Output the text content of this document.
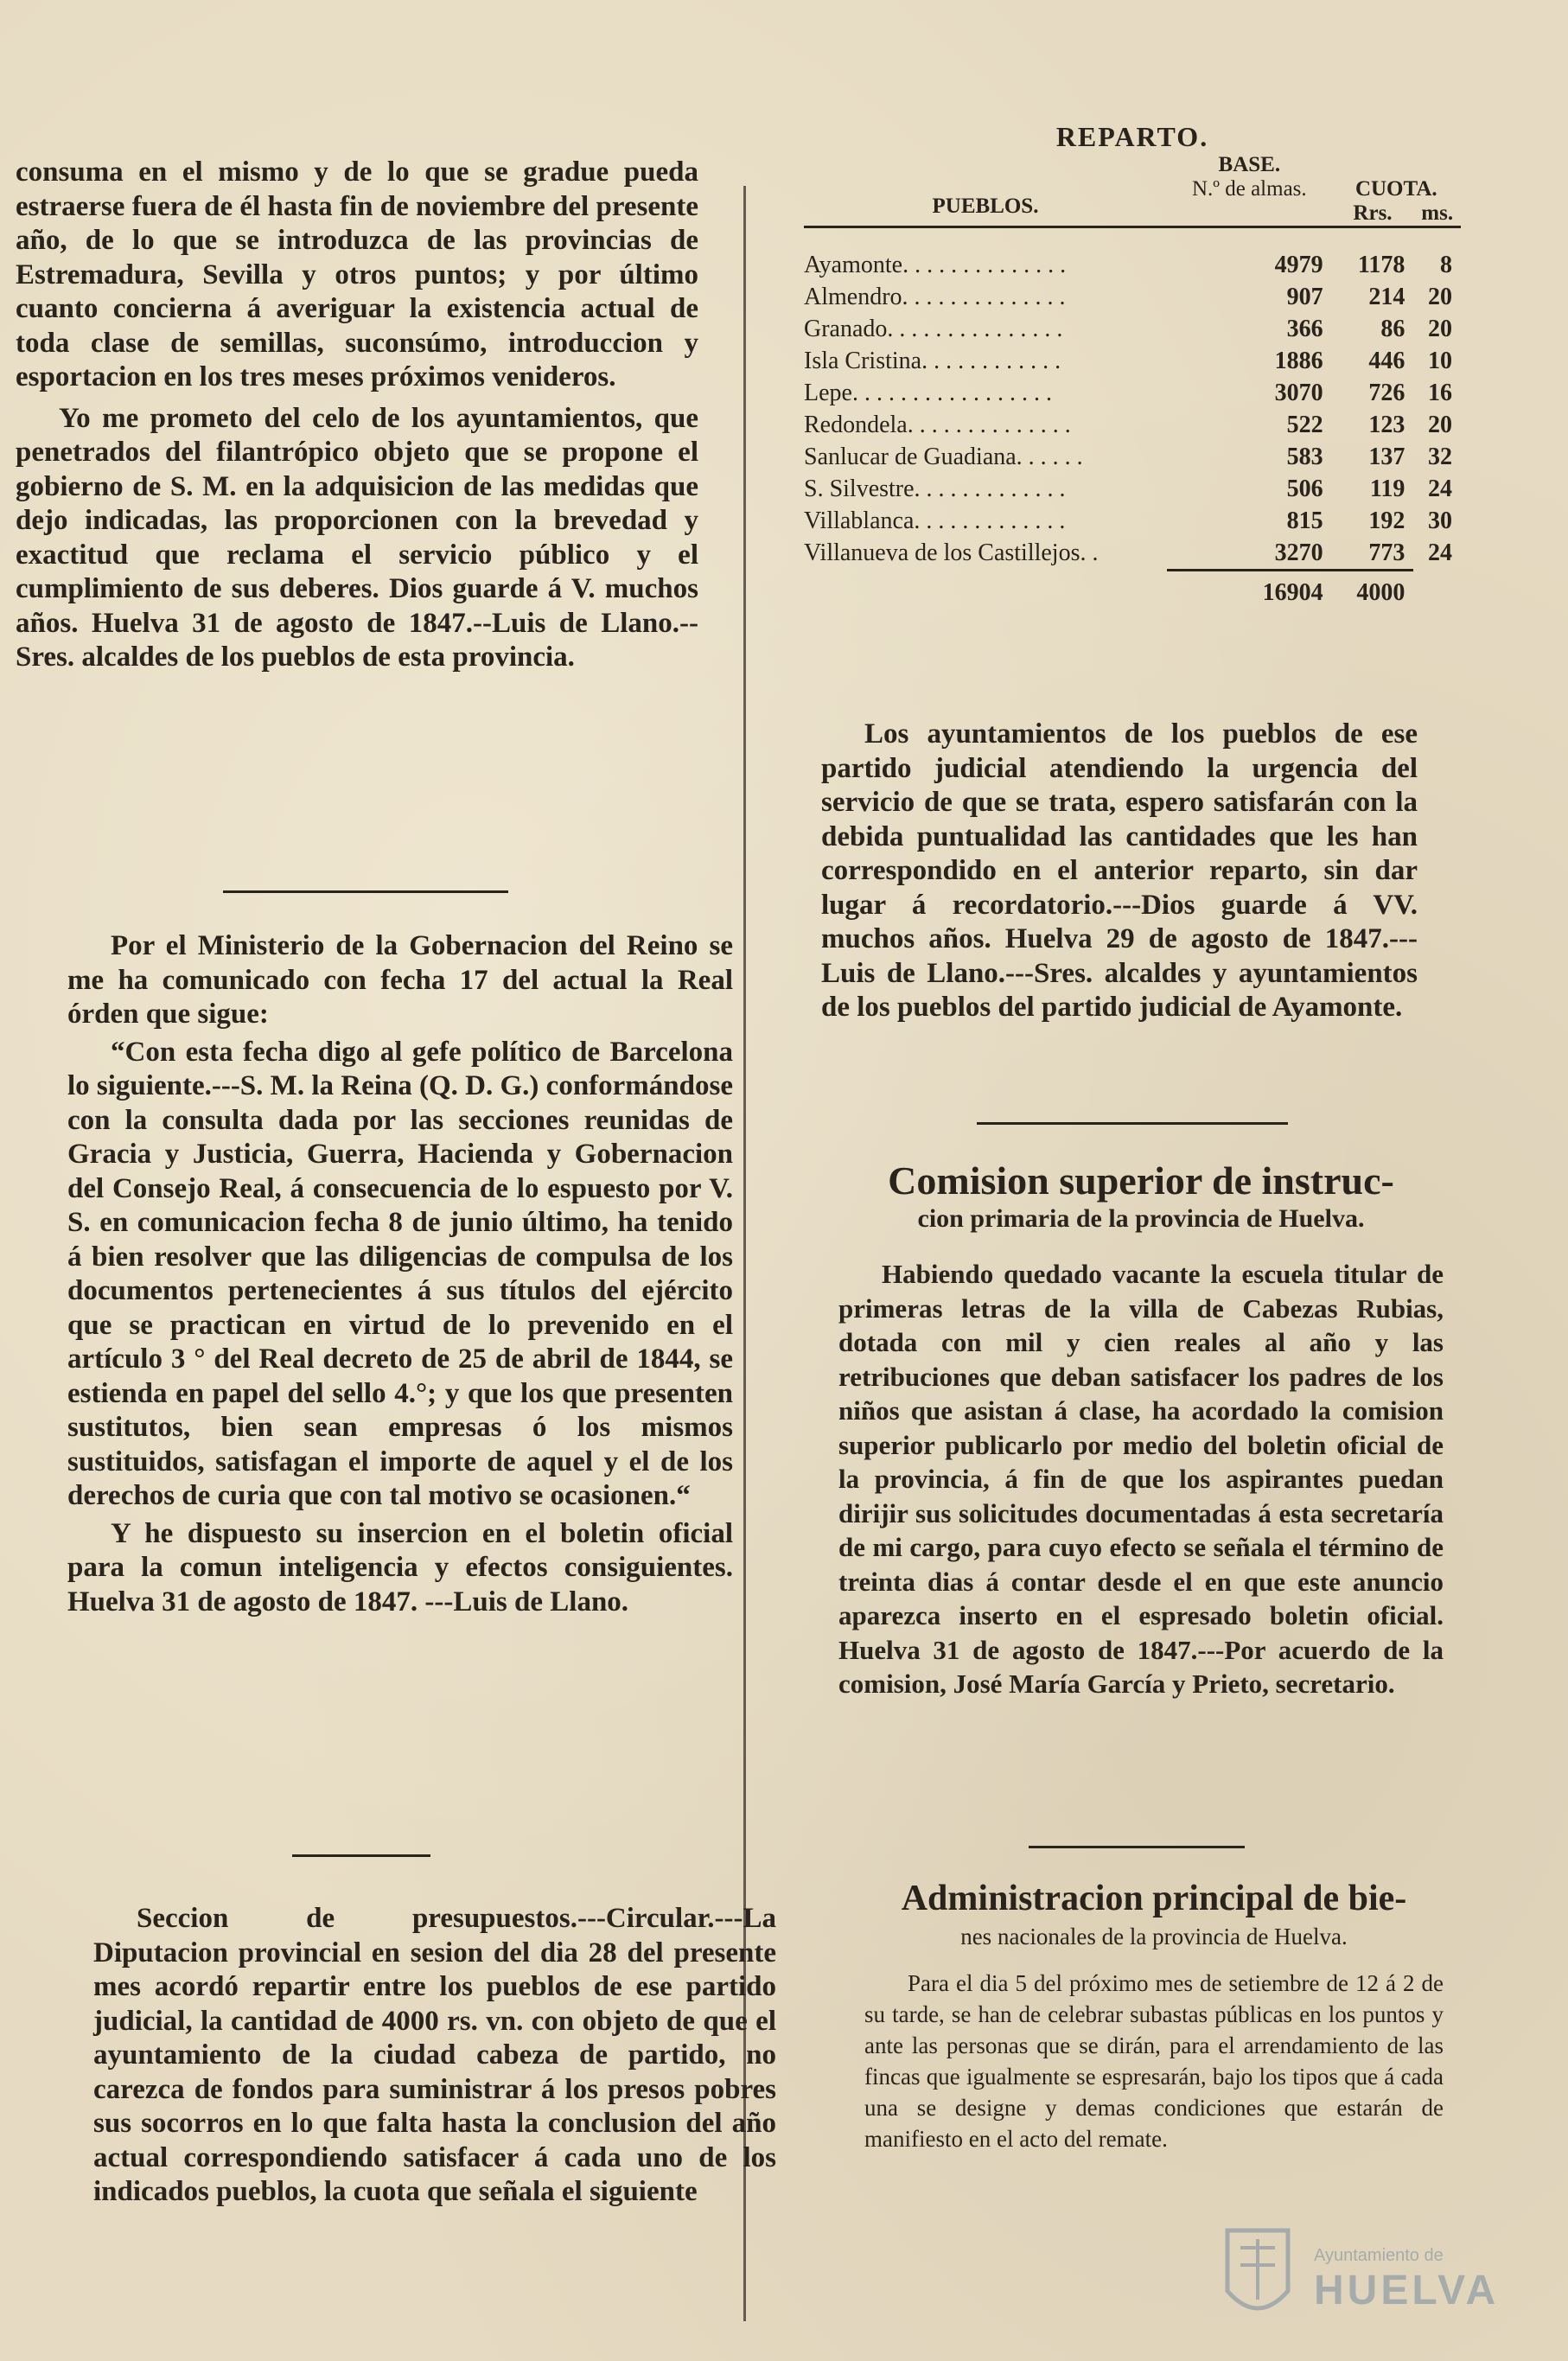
consuma en el mismo y de lo que se gradue pueda estraerse fuera de él hasta fin de noviembre del presente año, de lo que se introduzca de las provincias de Estremadura, Sevilla y otros puntos; y por último cuanto concierna á averiguar la existencia actual de toda clase de semillas, suconsúmo, introduccion y esportacion en los tres meses próximos venideros.

Yo me prometo del celo de los ayuntamientos, que penetrados del filantrópico objeto que se propone el gobierno de S. M. en la adquisicion de las medidas que dejo indicadas, las proporcionen con la brevedad y exactitud que reclama el servicio público y el cumplimiento de sus deberes. Dios guarde á V. muchos años. Huelva 31 de agosto de 1847.--Luis de Llano.--Sres. alcaldes de los pueblos de esta provincia.

Por el Ministerio de la Gobernacion del Reino se me ha comunicado con fecha 17 del actual la Real órden que sigue:

“Con esta fecha digo al gefe político de Barcelona lo siguiente.---S. M. la Reina (Q. D. G.) conformándose con la consulta dada por las secciones reunidas de Gracia y Justicia, Guerra, Hacienda y Gobernacion del Consejo Real, á consecuencia de lo espuesto por V. S. en comunicacion fecha 8 de junio último, ha tenido á bien resolver que las diligencias de compulsa de los documentos pertenecientes á sus títulos del ejército que se practican en virtud de lo prevenido en el artículo 3 ° del Real decreto de 25 de abril de 1844, se estienda en papel del sello 4.°; y que los que presenten sustitutos, bien sean empresas ó los mismos sustituidos, satisfagan el importe de aquel y el de los derechos de curia que con tal motivo se ocasionen.“

Y he dispuesto su insercion en el boletin oficial para la comun inteligencia y efectos consiguientes. Huelva 31 de agosto de 1847. ---Luis de Llano.

Seccion de presupuestos.---Circular.---La Diputacion provincial en sesion del dia 28 del presente mes acordó repartir entre los pueblos de ese partido judicial, la cantidad de 4000 rs. vn. con objeto de que el ayuntamiento de la ciudad cabeza de partido, no carezca de fondos para suministrar á los presos pobres sus socorros en lo que falta hasta la conclusion del año actual correspondiendo satisfacer á cada uno de los indicados pueblos, la cuota que señala el siguiente

REPARTO.
PUEBLOS.	BASE.
N.º de almas.	CUOTA.	
		Rrs.	ms.

Ayamonte. . . . . . . . . . . . . .	4979	1178	8
Almendro. . . . . . . . . . . . . .	907	214	20
Granado. . . . . . . . . . . . . . .	366	86	20
Isla Cristina. . . . . . . . . . . .	1886	446	10
Lepe. . . . . . . . . . . . . . . . .	3070	726	16
Redondela. . . . . . . . . . . . . .	522	123	20
Sanlucar de Guadiana. . . . . .	583	137	32
S. Silvestre. . . . . . . . . . . . .	506	119	24
Villablanca. . . . . . . . . . . . .	815	192	30
Villanueva de los Castillejos. .	3270	773	24
	16904	4000	

Los ayuntamientos de los pueblos de ese partido judicial atendiendo la urgencia del servicio de que se trata, espero satisfarán con la debida puntualidad las cantidades que les han correspondido en el anterior reparto, sin dar lugar á recordatorio.---Dios guarde á VV. muchos años. Huelva 29 de agosto de 1847.---Luis de Llano.---Sres. alcaldes y ayuntamientos de los pueblos del partido judicial de Ayamonte.

Comision superior de instruc-
cion primaria de la provincia de Huelva.

Habiendo quedado vacante la escuela titular de primeras letras de la villa de Cabezas Rubias, dotada con mil y cien reales al año y las retribuciones que deban satisfacer los padres de los niños que asistan á clase, ha acordado la comision superior publicarlo por medio del boletin oficial de la provincia, á fin de que los aspirantes puedan dirijir sus solicitudes documentadas á esta secretaría de mi cargo, para cuyo efecto se señala el término de treinta dias á contar desde el en que este anuncio aparezca inserto en el espresado boletin oficial. Huelva 31 de agosto de 1847.---Por acuerdo de la comision, José María García y Prieto, secretario.

Administracion principal de bie-
nes nacionales de la provincia de Huelva.

Para el dia 5 del próximo mes de setiembre de 12 á 2 de su tarde, se han de celebrar subastas públicas en los puntos y ante las personas que se dirán, para el arrendamiento de las fincas que igualmente se espresarán, bajo los tipos que á cada una se designe y demas condiciones que estarán de manifiesto en el acto del remate.

Ayuntamiento de
HUELVA
